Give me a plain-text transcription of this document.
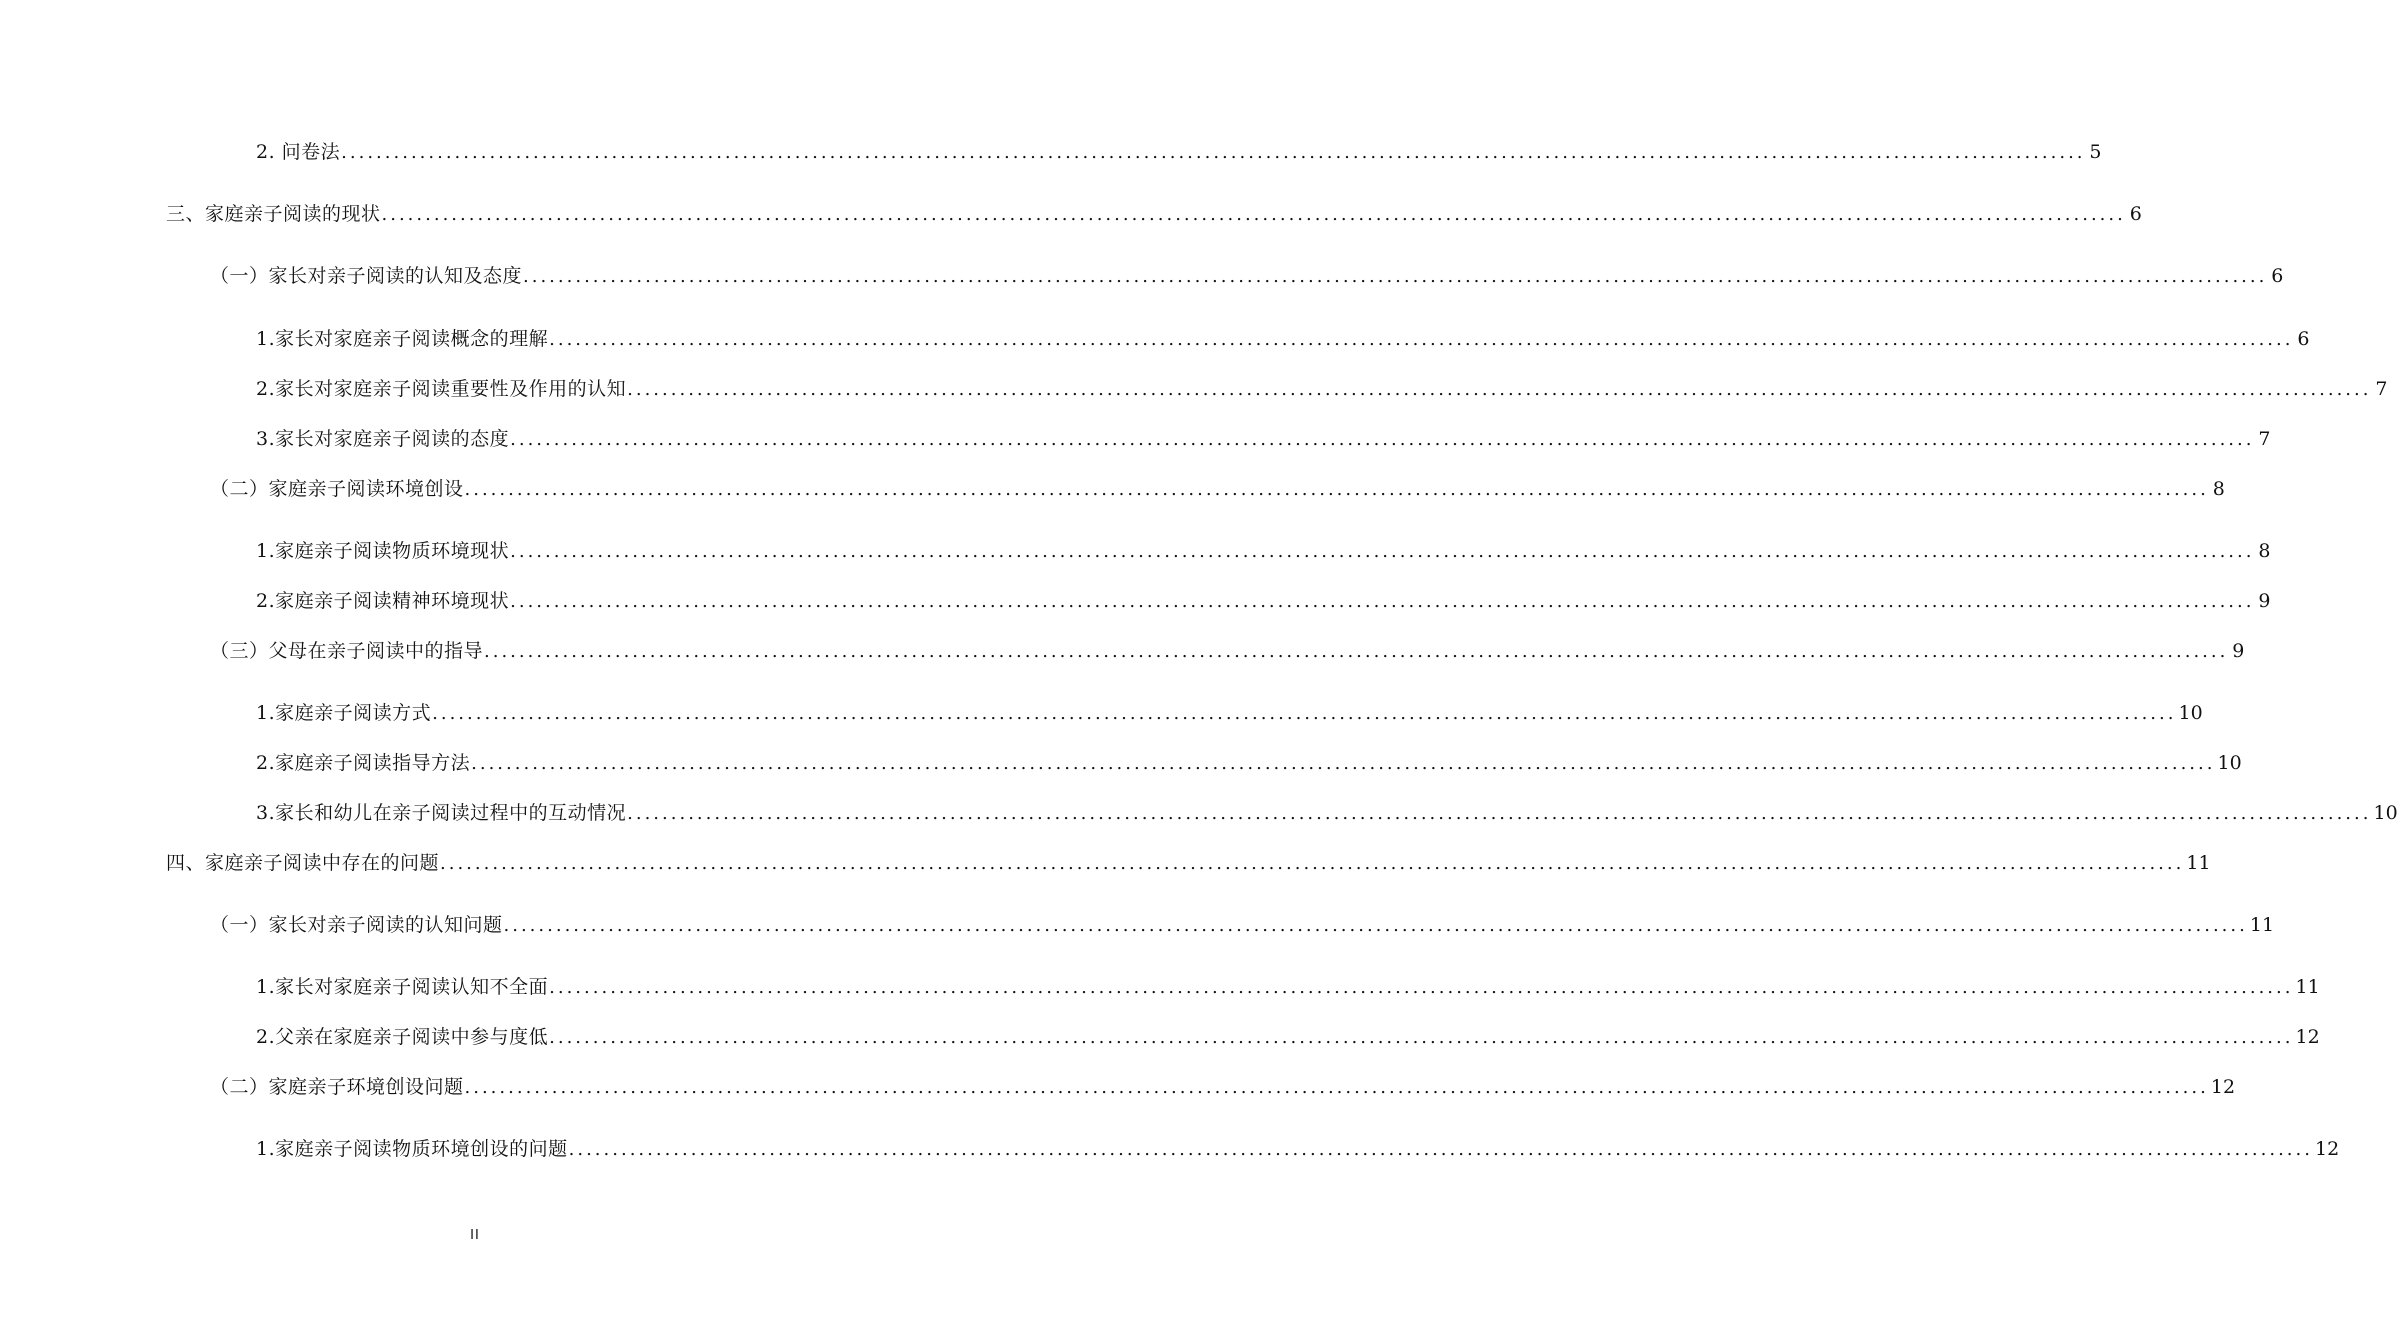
2. 问卷法 ........................................................................................................................................................................................................ 5
三、家庭亲子阅读的现状 ........................................................................................................................................................................................................ 6
（一）家长对亲子阅读的认知及态度 ........................................................................................................................................................................................................ 6
1.家长对家庭亲子阅读概念的理解 ........................................................................................................................................................................................................ 6
2.家长对家庭亲子阅读重要性及作用的认知 ........................................................................................................................................................................................................ 7
3.家长对家庭亲子阅读的态度 ........................................................................................................................................................................................................ 7
（二）家庭亲子阅读环境创设 ........................................................................................................................................................................................................ 8
1.家庭亲子阅读物质环境现状 ........................................................................................................................................................................................................ 8
2.家庭亲子阅读精神环境现状 ........................................................................................................................................................................................................ 9
（三）父母在亲子阅读中的指导 ........................................................................................................................................................................................................ 9
1.家庭亲子阅读方式 ........................................................................................................................................................................................................ 10
2.家庭亲子阅读指导方法 ........................................................................................................................................................................................................ 10
3.家长和幼儿在亲子阅读过程中的互动情况 ........................................................................................................................................................................................................ 10
四、家庭亲子阅读中存在的问题 ........................................................................................................................................................................................................ 11
（一）家长对亲子阅读的认知问题 ........................................................................................................................................................................................................ 11
1.家长对家庭亲子阅读认知不全面 ........................................................................................................................................................................................................ 11
2.父亲在家庭亲子阅读中参与度低 ........................................................................................................................................................................................................ 12
（二）家庭亲子环境创设问题 ........................................................................................................................................................................................................ 12
1.家庭亲子阅读物质环境创设的问题 ........................................................................................................................................................................................................ 12
II
